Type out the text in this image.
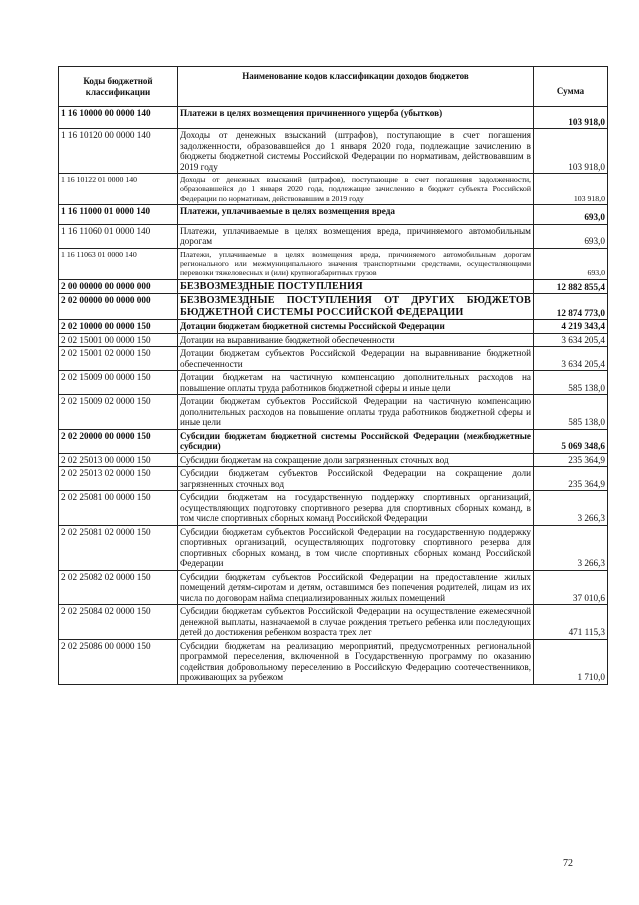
Коды бюджетной классификации	Наименование кодов классификации доходов бюджетов	Сумма
1 16 10000 00 0000 140	Платежи в целях возмещения причиненного ущерба (убытков)	103 918,0
1 16 10120 00 0000 140	Доходы от денежных взысканий (штрафов), поступающие в счет погашения задолженности, образовавшейся до 1 января 2020 года, подлежащие зачислению в бюджеты бюджетной системы Российской Федерации по нормативам, действовавшим в 2019 году	103 918,0
1 16 10122 01 0000 140	Доходы от денежных взысканий (штрафов), поступающие в счет погашения задолженности, образовавшейся до 1 января 2020 года, подлежащие зачислению в бюджет субъекта Российской Федерации по нормативам, действовавшим в 2019 году	103 918,0
1 16 11000 01 0000 140	Платежи, уплачиваемые в целях возмещения вреда	693,0
1 16 11060 01 0000 140	Платежи, уплачиваемые в целях возмещения вреда, причиняемого автомобильным дорогам	693,0
1 16 11063 01 0000 140	Платежи, уплачиваемые в целях возмещения вреда, причиняемого автомобильным дорогам регионального или межмуниципального значения транспортными средствами, осуществляющими перевозки тяжеловесных и (или) крупногабаритных грузов	693,0
2 00 00000 00 0000 000	БЕЗВОЗМЕЗДНЫЕ ПОСТУПЛЕНИЯ	12 882 855,4
2 02 00000 00 0000 000	БЕЗВОЗМЕЗДНЫЕ ПОСТУПЛЕНИЯ ОТ ДРУГИХ БЮДЖЕТОВ БЮДЖЕТНОЙ СИСТЕМЫ РОССИЙСКОЙ ФЕДЕРАЦИИ	12 874 773,0
2 02 10000 00 0000 150	Дотации бюджетам бюджетной системы Российской Федерации	4 219 343,4
2 02 15001 00 0000 150	Дотации на выравнивание бюджетной обеспеченности	3 634 205,4
2 02 15001 02 0000 150	Дотации бюджетам субъектов Российской Федерации на выравнивание бюджетной обеспеченности	3 634 205,4
2 02 15009 00 0000 150	Дотации бюджетам на частичную компенсацию дополнительных расходов на повышение оплаты труда работников бюджетной сферы и иные цели	585 138,0
2 02 15009 02 0000 150	Дотации бюджетам субъектов Российской Федерации на частичную компенсацию дополнительных расходов на повышение оплаты труда работников бюджетной сферы и иные цели	585 138,0
2 02 20000 00 0000 150	Субсидии бюджетам бюджетной системы Российской Федерации (межбюджетные субсидии)	5 069 348,6
2 02 25013 00 0000 150	Субсидии бюджетам на сокращение доли загрязненных сточных вод	235 364,9
2 02 25013 02 0000 150	Субсидии бюджетам субъектов Российской Федерации на сокращение доли загрязненных сточных вод	235 364,9
2 02 25081 00 0000 150	Субсидии бюджетам на государственную поддержку спортивных организаций, осуществляющих подготовку спортивного резерва для спортивных сборных команд, в том числе спортивных сборных команд Российской Федерации	3 266,3
2 02 25081 02 0000 150	Субсидии бюджетам субъектов Российской Федерации на государственную поддержку спортивных организаций, осуществляющих подготовку спортивного резерва для спортивных сборных команд, в том числе спортивных сборных команд Российской Федерации	3 266,3
2 02 25082 02 0000 150	Субсидии бюджетам субъектов Российской Федерации на предоставление жилых помещений детям-сиротам и детям, оставшимся без попечения родителей, лицам из их числа по договорам найма специализированных жилых помещений	37 010,6
2 02 25084 02 0000 150	Субсидии бюджетам субъектов Российской Федерации на осуществление ежемесячной денежной выплаты, назначаемой в случае рождения третьего ребенка или последующих детей до достижения ребенком возраста трех лет	471 115,3
2 02 25086 00 0000 150	Субсидии бюджетам на реализацию мероприятий, предусмотренных региональной программой переселения, включенной в Государственную программу по оказанию содействия добровольному переселению в Российскую Федерацию соотечественников, проживающих за рубежом	1 710,0
72
